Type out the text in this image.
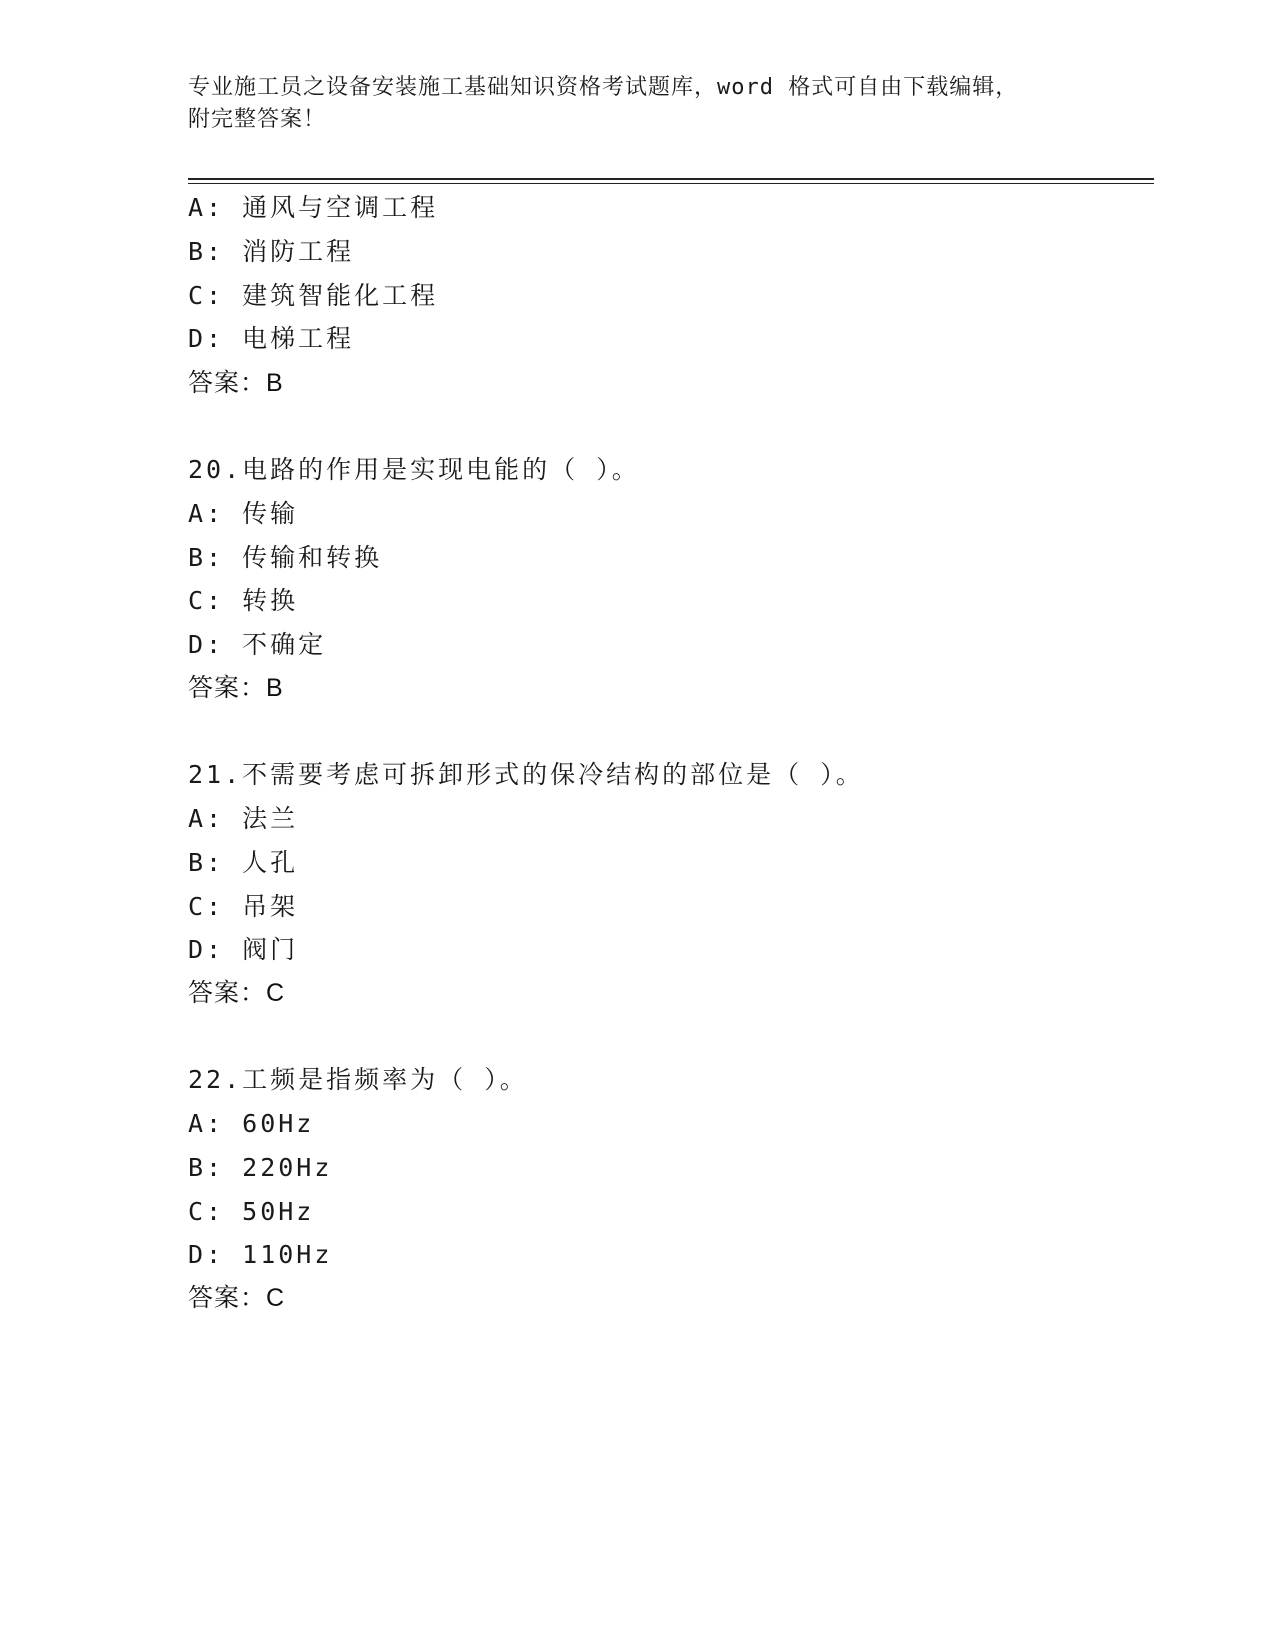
专业施工员之设备安装施工基础知识资格考试题库，word 格式可自由下载编辑，
附完整答案！
A: 通风与空调工程
B: 消防工程
C: 建筑智能化工程
D: 电梯工程
答案：B
20.电路的作用是实现电能的（ ）。
A: 传输
B: 传输和转换
C: 转换
D: 不确定
答案：B
21.不需要考虑可拆卸形式的保冷结构的部位是（ ）。
A: 法兰
B: 人孔
C: 吊架
D: 阀门
答案：C
22.工频是指频率为（ ）。
A: 60Hz
B: 220Hz
C: 50Hz
D: 110Hz
答案：C
